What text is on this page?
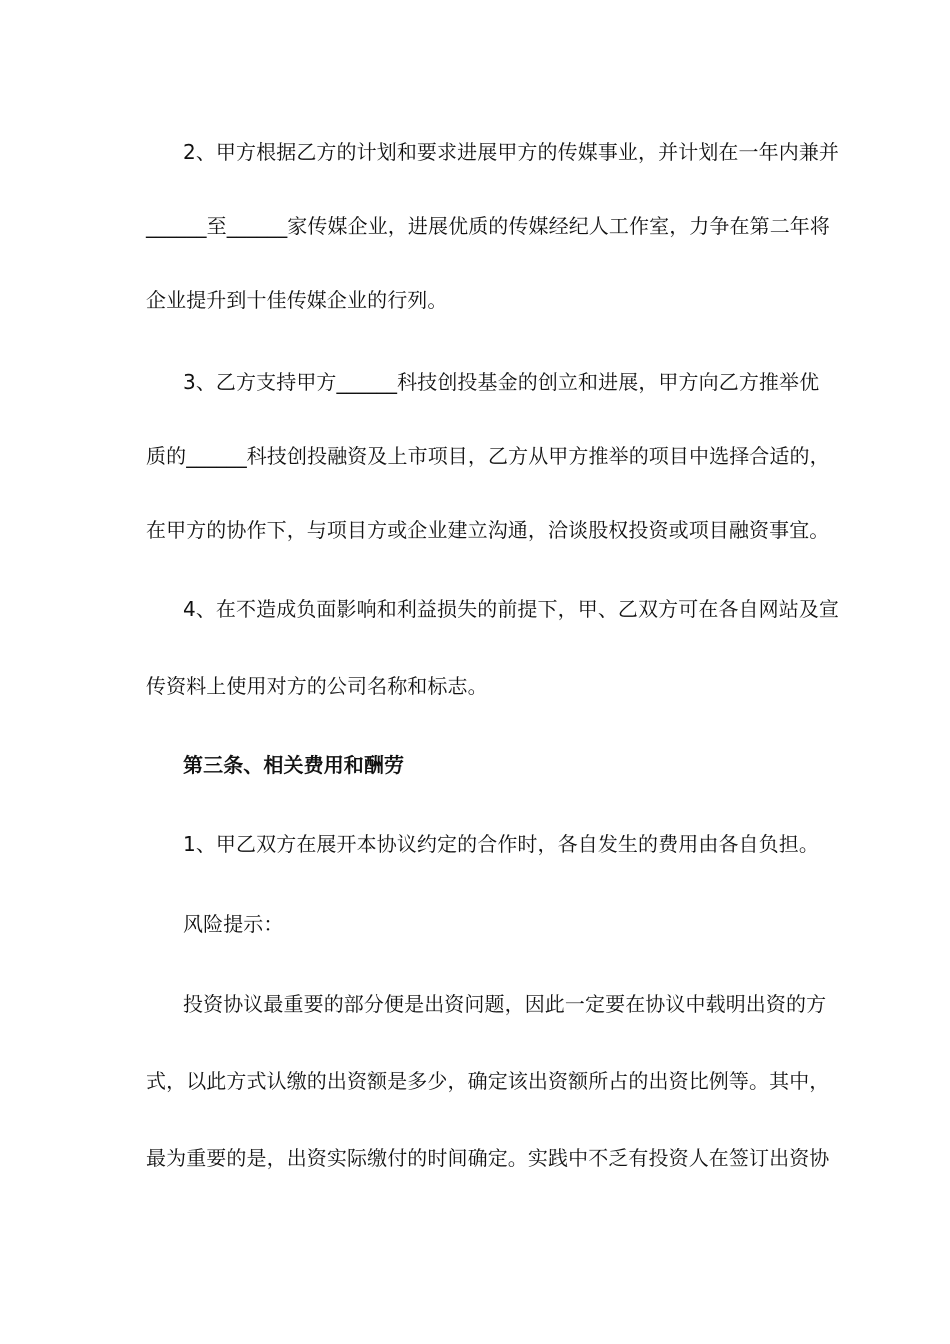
2、甲方根据乙方的计划和要求进展甲方的传媒事业，并计划在一年内兼并
______至______家传媒企业，进展优质的传媒经纪人工作室，力争在第二年将
企业提升到十佳传媒企业的行列。
3、乙方支持甲方______科技创投基金的创立和进展，甲方向乙方推举优
质的______科技创投融资及上市项目，乙方从甲方推举的项目中选择合适的，
在甲方的协作下，与项目方或企业建立沟通，洽谈股权投资或项目融资事宜。
4、在不造成负面影响和利益损失的前提下，甲、乙双方可在各自网站及宣
传资料上使用对方的公司名称和标志。
第三条、相关费用和酬劳
1、甲乙双方在展开本协议约定的合作时，各自发生的费用由各自负担。
风险提示：
投资协议最重要的部分便是出资问题，因此一定要在协议中载明出资的方
式，以此方式认缴的出资额是多少，确定该出资额所占的出资比例等。其中，
最为重要的是，出资实际缴付的时间确定。实践中不乏有投资人在签订出资协
